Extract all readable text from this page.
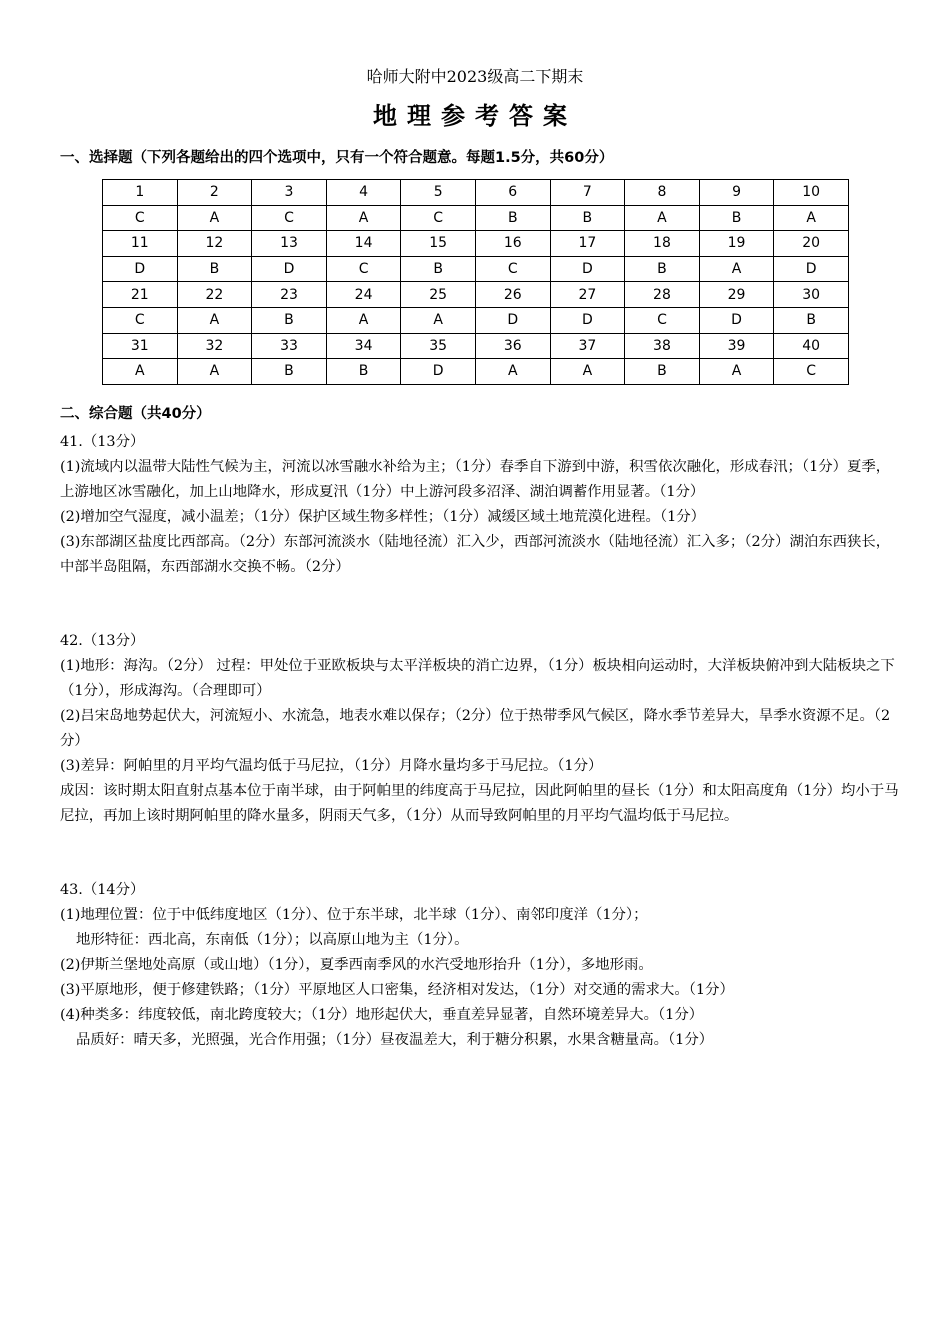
哈师大附中2023级高二下期末
地理参考答案
一、选择题（下列各题给出的四个选项中，只有一个符合题意。每题1.5分，共60分）
1	2	3	4	5	6	7	8	9	10
C	A	C	A	C	B	B	A	B	A
11	12	13	14	15	16	17	18	19	20
D	B	D	C	B	C	D	B	A	D
21	22	23	24	25	26	27	28	29	30
C	A	B	A	A	D	D	C	D	B
31	32	33	34	35	36	37	38	39	40
A	A	B	B	D	A	A	B	A	C
二、综合题（共40分）

41.（13分）

(1)流域内以温带大陆性气候为主，河流以冰雪融水补给为主；（1分）春季自下游到中游，积雪依次融化，形成春汛；（1分）夏季，上游地区冰雪融化，加上山地降水，形成夏汛（1分）中上游河段多沼泽、湖泊调蓄作用显著。（1分）

(2)增加空气湿度，减小温差；（1分）保护区域生物多样性；（1分）减缓区域土地荒漠化进程。（1分）

(3)东部湖区盐度比西部高。（2分）东部河流淡水（陆地径流）汇入少，西部河流淡水（陆地径流）汇入多；（2分）湖泊东西狭长，中部半岛阻隔，东西部湖水交换不畅。（2分）

42.（13分）

(1)地形：海沟。（2分） 过程：甲处位于亚欧板块与太平洋板块的消亡边界，（1分）板块相向运动时，大洋板块俯冲到大陆板块之下（1分），形成海沟。（合理即可）

(2)吕宋岛地势起伏大，河流短小、水流急，地表水难以保存；（2分）位于热带季风气候区，降水季节差异大，旱季水资源不足。（2分）

(3)差异：阿帕里的月平均气温均低于马尼拉，（1分）月降水量均多于马尼拉。（1分）

成因：该时期太阳直射点基本位于南半球，由于阿帕里的纬度高于马尼拉，因此阿帕里的昼长（1分）和太阳高度角（1分）均小于马尼拉，再加上该时期阿帕里的降水量多，阴雨天气多，（1分）从而导致阿帕里的月平均气温均低于马尼拉。

43.（14分）

(1)地理位置：位于中低纬度地区（1分）、位于东半球，北半球（1分）、南邻印度洋（1分）；

地形特征：西北高，东南低（1分）；以高原山地为主（1分）。

(2)伊斯兰堡地处高原（或山地）（1分），夏季西南季风的水汽受地形抬升（1分），多地形雨。

(3)平原地形，便于修建铁路；（1分）平原地区人口密集，经济相对发达，（1分）对交通的需求大。（1分）

(4)种类多：纬度较低，南北跨度较大；（1分）地形起伏大，垂直差异显著，自然环境差异大。（1分）

品质好：晴天多，光照强，光合作用强；（1分）昼夜温差大，利于糖分积累，水果含糖量高。（1分）
